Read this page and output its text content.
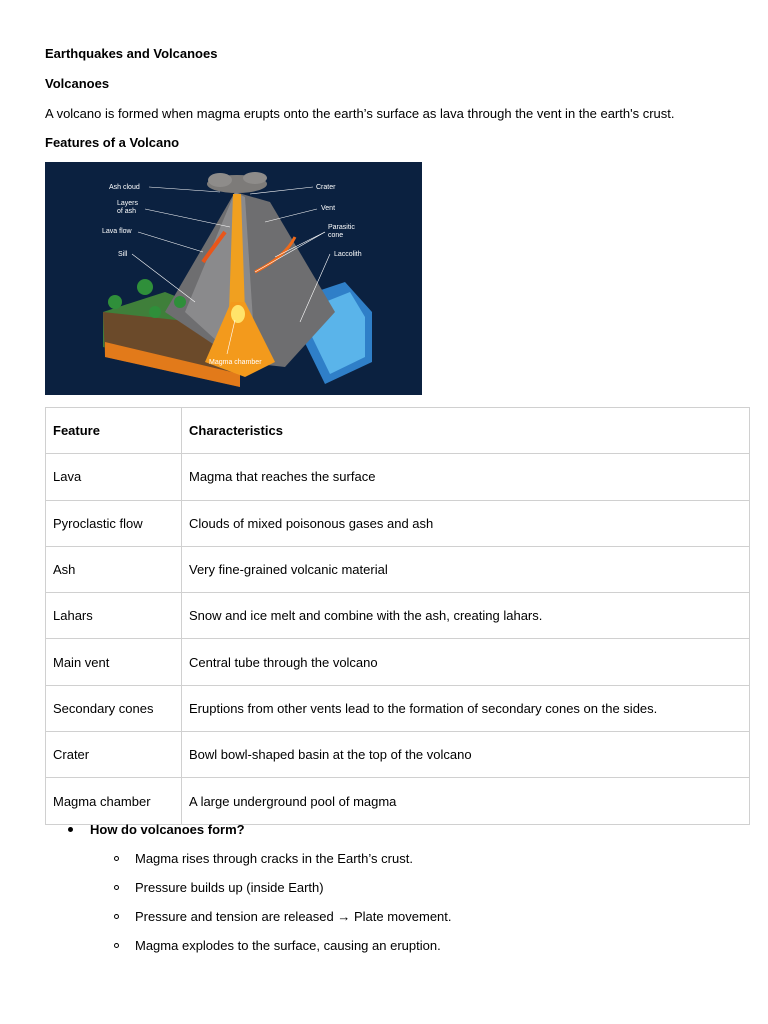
Earthquakes and Volcanoes
Volcanoes
A volcano is formed when magma erupts onto the earth’s surface as lava through the vent in the earth's crust.
Features of a Volcano
Ash cloud
Layers
of ash
Lava flow
Sill
Crater
Vent
Parasitic
cone
Laccolith
Magma chamber
Feature	Characteristics
Lava	Magma that reaches the surface
Pyroclastic flow	Clouds of mixed poisonous gases and ash
Ash	Very fine-grained volcanic material
Lahars	Snow and ice melt and combine with the ash, creating lahars.
Main vent	Central tube through the volcano
Secondary cones	Eruptions from other vents lead to the formation of secondary cones on the sides.
Crater	Bowl bowl-shaped basin at the top of the volcano
Magma chamber	A large underground pool of magma
How do volcanoes form?
Magma rises through cracks in the Earth’s crust.
Pressure builds up (inside Earth)
Pressure and tension are released → Plate movement.
Magma explodes to the surface, causing an eruption.
